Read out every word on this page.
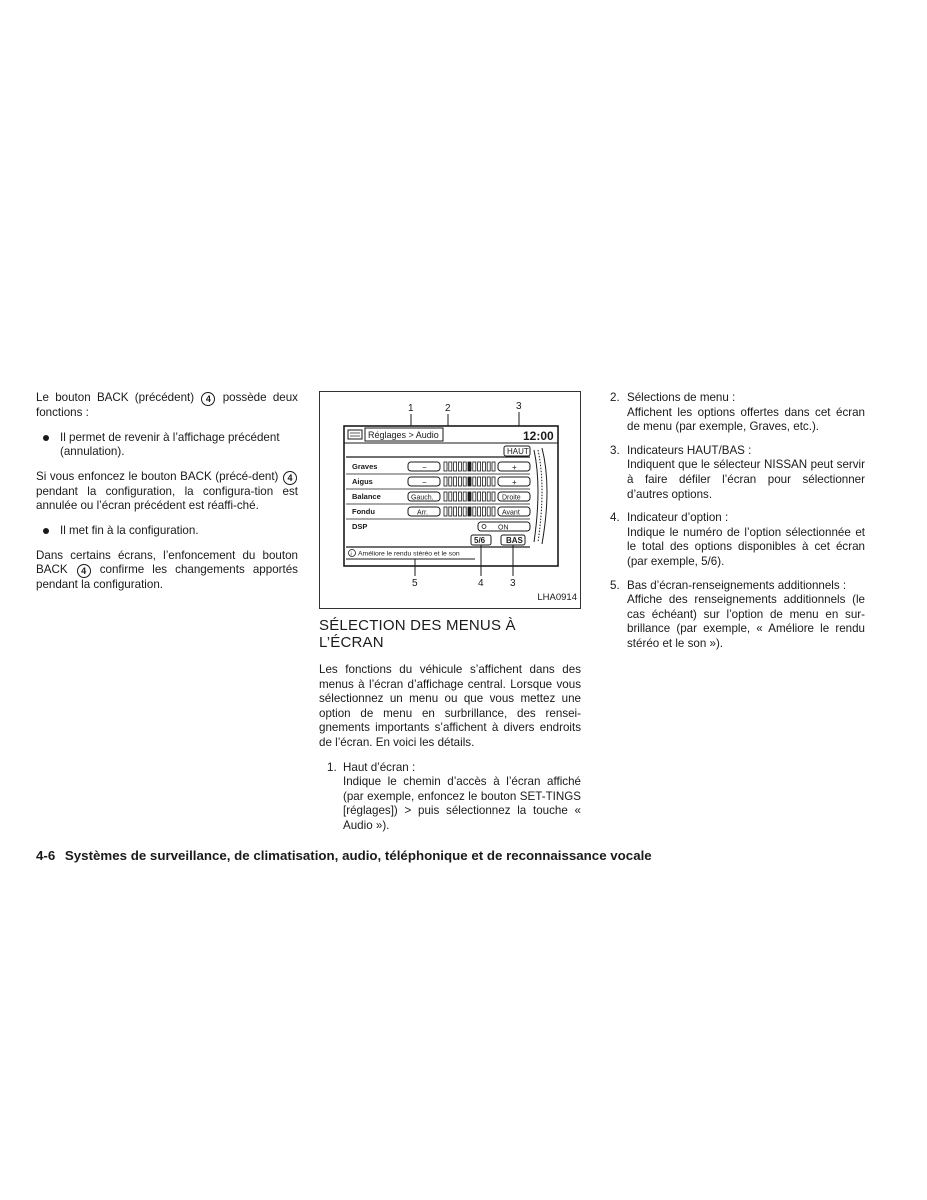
Le bouton BACK (précédent) 4 possède deux fonctions :

Il permet de revenir à l’affichage précédent (annulation).

Si vous enfoncez le bouton BACK (précé-dent) 4 pendant la configuration, la configura-tion est annulée ou l’écran précédent est réaffi-ché.

Il met fin à la configuration.

Dans certains écrans, l’enfoncement du bouton BACK 4 confirme les changements apportés pendant la configuration.

1	2	3
Réglages > Audio	12:00
HAUT
Graves	−	+
Aigus	−	+
Balance	Gauch.	Droite
Fondu	Arr.	Avant
DSP	ON
5/6	BAS
i Améliore le rendu stéréo et le son
5	4	3
LHA0914
SÉLECTION DES MENUS À
L’ÉCRAN

Les fonctions du véhicule s’affichent dans des menus à l’écran d’affichage central. Lorsque vous sélectionnez un menu ou que vous mettez une option de menu en surbrillance, des rensei-gnements importants s’affichent à divers endroits de l’écran. En voici les détails.

1. Haut d’écran :
Indique le chemin d’accès à l’écran affiché (par exemple, enfoncez le bouton SET-TINGS [réglages]) > puis sélectionnez la touche « Audio »).
2. Sélections de menu :
Affichent les options offertes dans cet écran de menu (par exemple, Graves, etc.).
3. Indicateurs HAUT/BAS :
Indiquent que le sélecteur NISSAN peut servir à faire défiler l’écran pour sélectionner d’autres options.
4. Indicateur d’option :
Indique le numéro de l’option sélectionnée et le total des options disponibles à cet écran (par exemple, 5/6).
5. Bas d’écran-renseignements additionnels :
Affiche des renseignements additionnels (le cas échéant) sur l’option de menu en sur-brillance (par exemple, « Améliore le rendu stéréo et le son »).
4-6 Systèmes de surveillance, de climatisation, audio, téléphonique et de reconnaissance vocale
